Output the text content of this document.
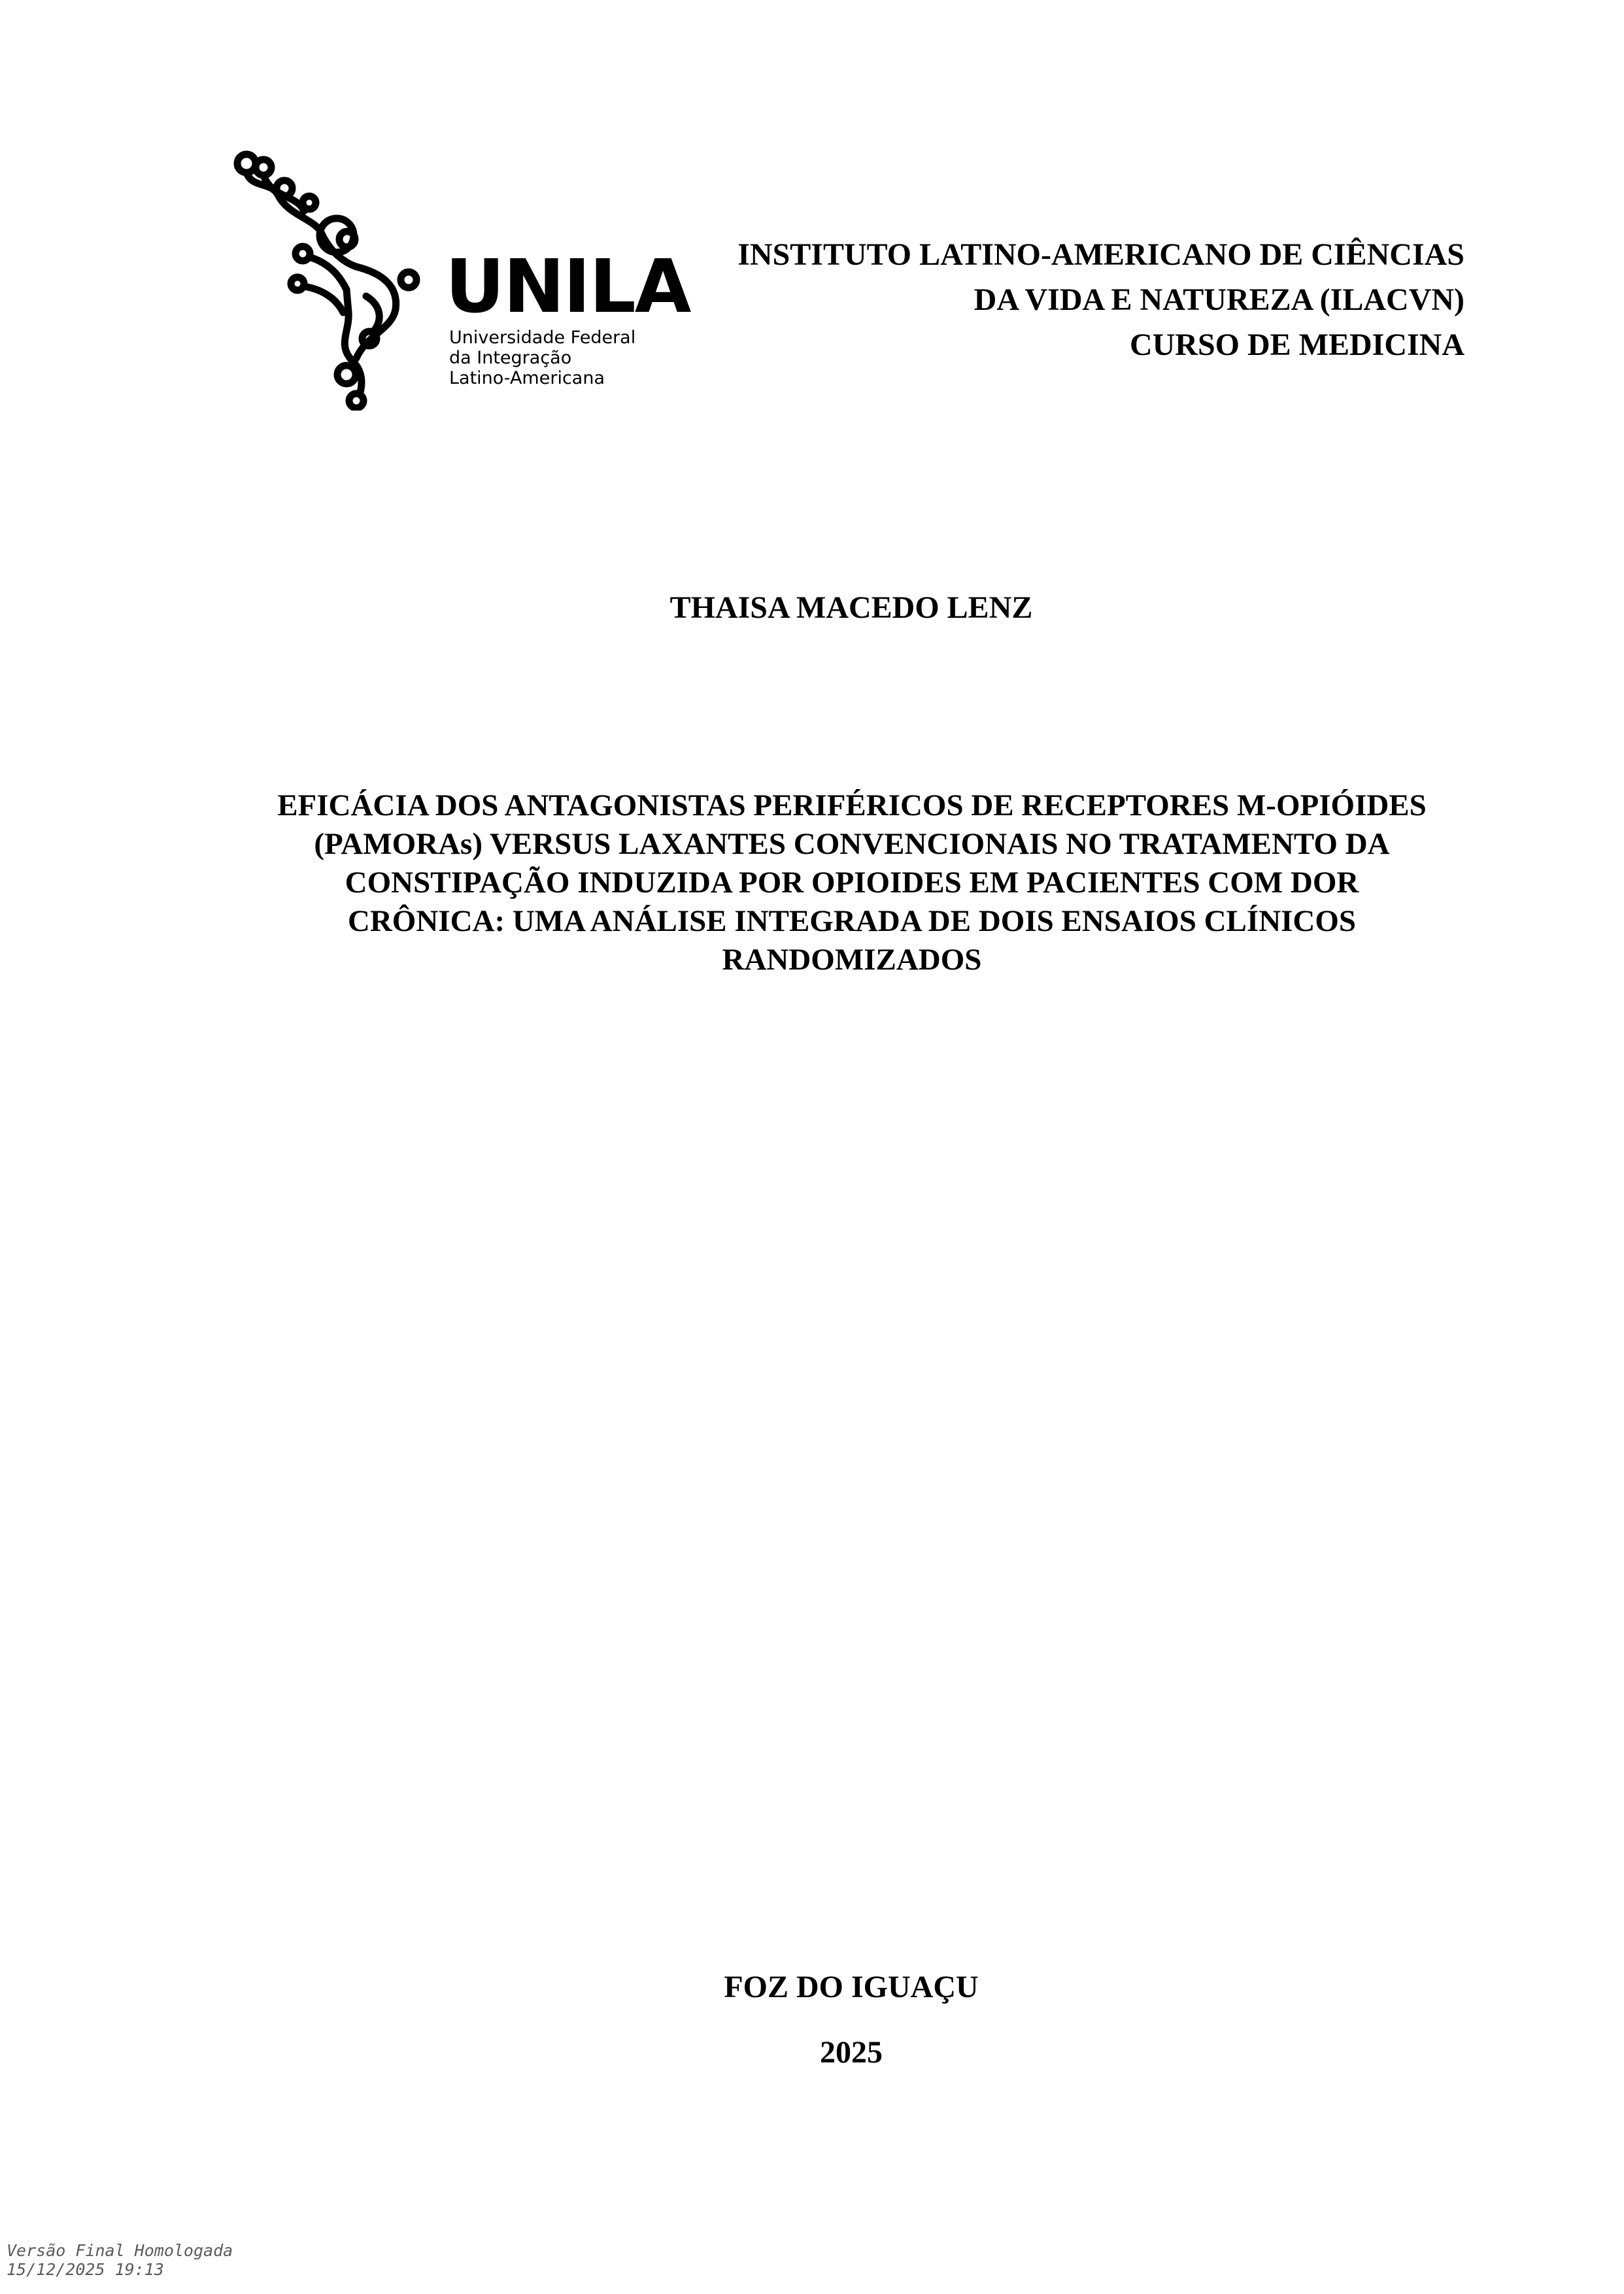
UNILA
Universidade Federal
da Integração
Latino-Americana
INSTITUTO LATINO-AMERICANO DE CIÊNCIAS
DA VIDA E NATUREZA (ILACVN)
CURSO DE MEDICINA
THAISA MACEDO LENZ
EFICÁCIA DOS ANTAGONISTAS PERIFÉRICOS DE RECEPTORES M-OPIÓIDES
(PAMORAs) VERSUS LAXANTES CONVENCIONAIS NO TRATAMENTO DA
CONSTIPAÇÃO INDUZIDA POR OPIOIDES EM PACIENTES COM DOR
CRÔNICA: UMA ANÁLISE INTEGRADA DE DOIS ENSAIOS CLÍNICOS
RANDOMIZADOS
FOZ DO IGUAÇU
2025
Versão Final Homologada
15/12/2025 19:13
